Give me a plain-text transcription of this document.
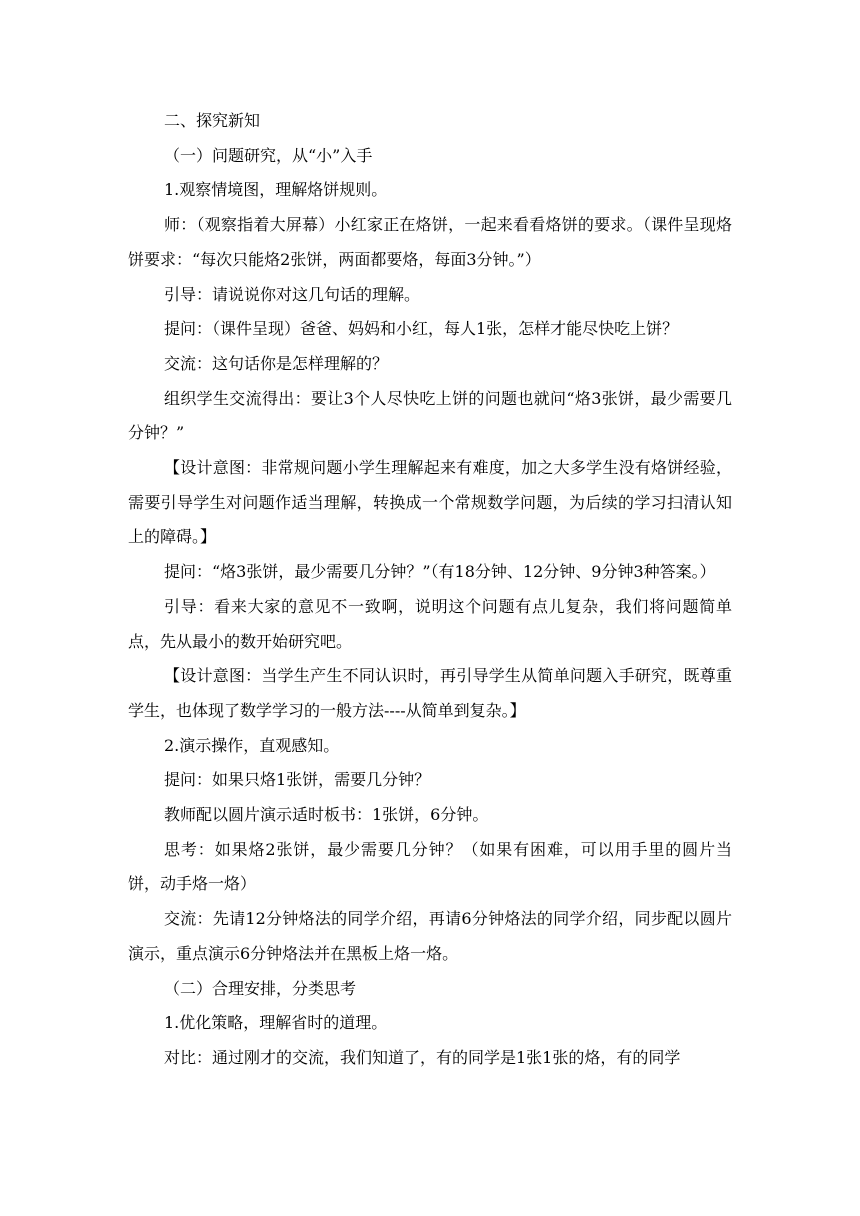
二、探究新知

（一）问题研究，从“小”入手

1.观察情境图，理解烙饼规则。

师：（观察指着大屏幕）小红家正在烙饼，一起来看看烙饼的要求。（课件呈现烙饼要求：“每次只能烙2张饼，两面都要烙，每面3分钟。”）

引导：请说说你对这几句话的理解。

提问：（课件呈现）爸爸、妈妈和小红，每人1张，怎样才能尽快吃上饼？

交流：这句话你是怎样理解的？

组织学生交流得出：要让3个人尽快吃上饼的问题也就问“烙3张饼，最少需要几分钟？”

【设计意图：非常规问题小学生理解起来有难度，加之大多学生没有烙饼经验，需要引导学生对问题作适当理解，转换成一个常规数学问题，为后续的学习扫清认知上的障碍。】

提问：“烙3张饼，最少需要几分钟？”（有18分钟、12分钟、9分钟3种答案。）

引导：看来大家的意见不一致啊，说明这个问题有点儿复杂，我们将问题简单点，先从最小的数开始研究吧。

【设计意图：当学生产生不同认识时，再引导学生从简单问题入手研究，既尊重学生，也体现了数学学习的一般方法----从简单到复杂。】

2.演示操作，直观感知。

提问：如果只烙1张饼，需要几分钟？

教师配以圆片演示适时板书：1张饼，6分钟。

思考：如果烙2张饼，最少需要几分钟？（如果有困难，可以用手里的圆片当饼，动手烙一烙）

交流：先请12分钟烙法的同学介绍，再请6分钟烙法的同学介绍，同步配以圆片演示，重点演示6分钟烙法并在黑板上烙一烙。

（二）合理安排，分类思考

1.优化策略，理解省时的道理。

对比：通过刚才的交流，我们知道了，有的同学是1张1张的烙，有的同学
